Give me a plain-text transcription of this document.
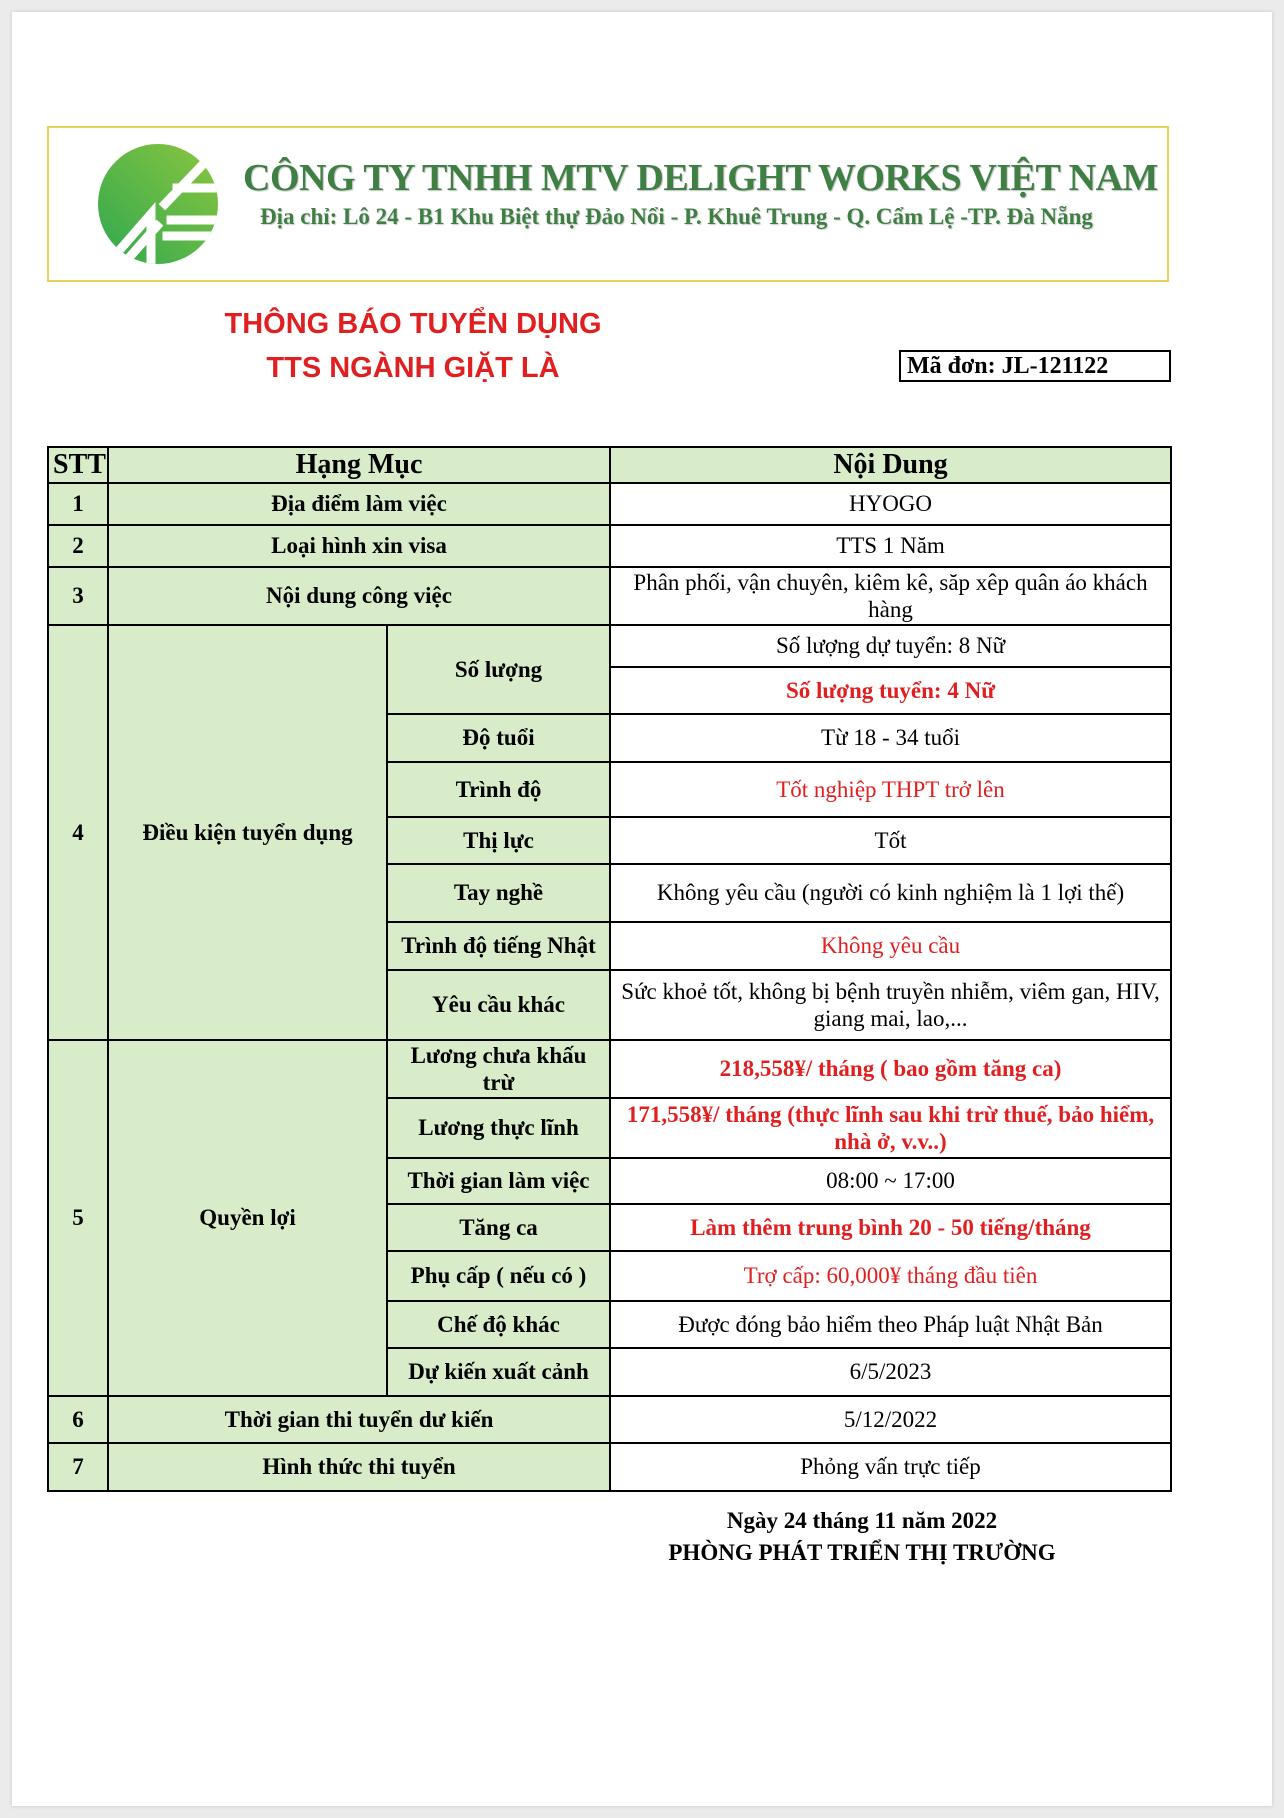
CÔNG TY TNHH MTV DELIGHT WORKS VIỆT NAM
Địa chỉ: Lô 24 - B1 Khu Biệt thự Đảo Nổi - P. Khuê Trung - Q. Cẩm Lệ -TP. Đà Nẵng
THÔNG BÁO TUYỂN DỤNG
TTS NGÀNH GIẶT LÀ	Mã đơn: JL-121122
STT	Hạng Mục		Nội Dung
1	Địa điểm làm việc		HYOGO
2	Loại hình xin visa		TTS 1 Năm
3	Nội dung công việc		Phân phối, vận chuyên, kiêm kê, săp xêp quân áo khách hàng
4	Điều kiện tuyển dụng	Số lượng	Số lượng dự tuyển: 8 Nữ
			Số lượng tuyển: 4 Nữ
		Độ tuổi	Từ 18 - 34 tuổi
		Trình độ	Tốt nghiệp THPT trở lên
		Thị lực	Tốt
		Tay nghề	Không yêu cầu (người có kinh nghiệm là 1 lợi thế)
		Trình độ tiếng Nhật	Không yêu cầu
		Yêu cầu khác	Sức khoẻ tốt, không bị bệnh truyền nhiễm, viêm gan, HIV, giang mai, lao,...

5	Quyền lợi	Lương chưa khấu trừ	218,558¥/ tháng ( bao gồm tăng ca)
		Lương thực lĩnh	171,558¥/ tháng (thực lĩnh sau khi trừ thuế, bảo hiểm, nhà ở, v.v..)
		Thời gian làm việc	08:00 ~ 17:00
		Tăng ca	Làm thêm trung bình 20 - 50 tiếng/tháng
		Phụ cấp ( nếu có )	Trợ cấp: 60,000¥ tháng đầu tiên
		Chế độ khác	Được đóng bảo hiểm theo Pháp luật Nhật Bản
		Dự kiến xuất cảnh	6/5/2023
6	Thời gian thi tuyển dư kiến		5/12/2022
7	Hình thức thi tuyển		Phỏng vấn trực tiếp
Ngày 24 tháng 11 năm 2022
PHÒNG PHÁT TRIỂN THỊ TRƯỜNG
